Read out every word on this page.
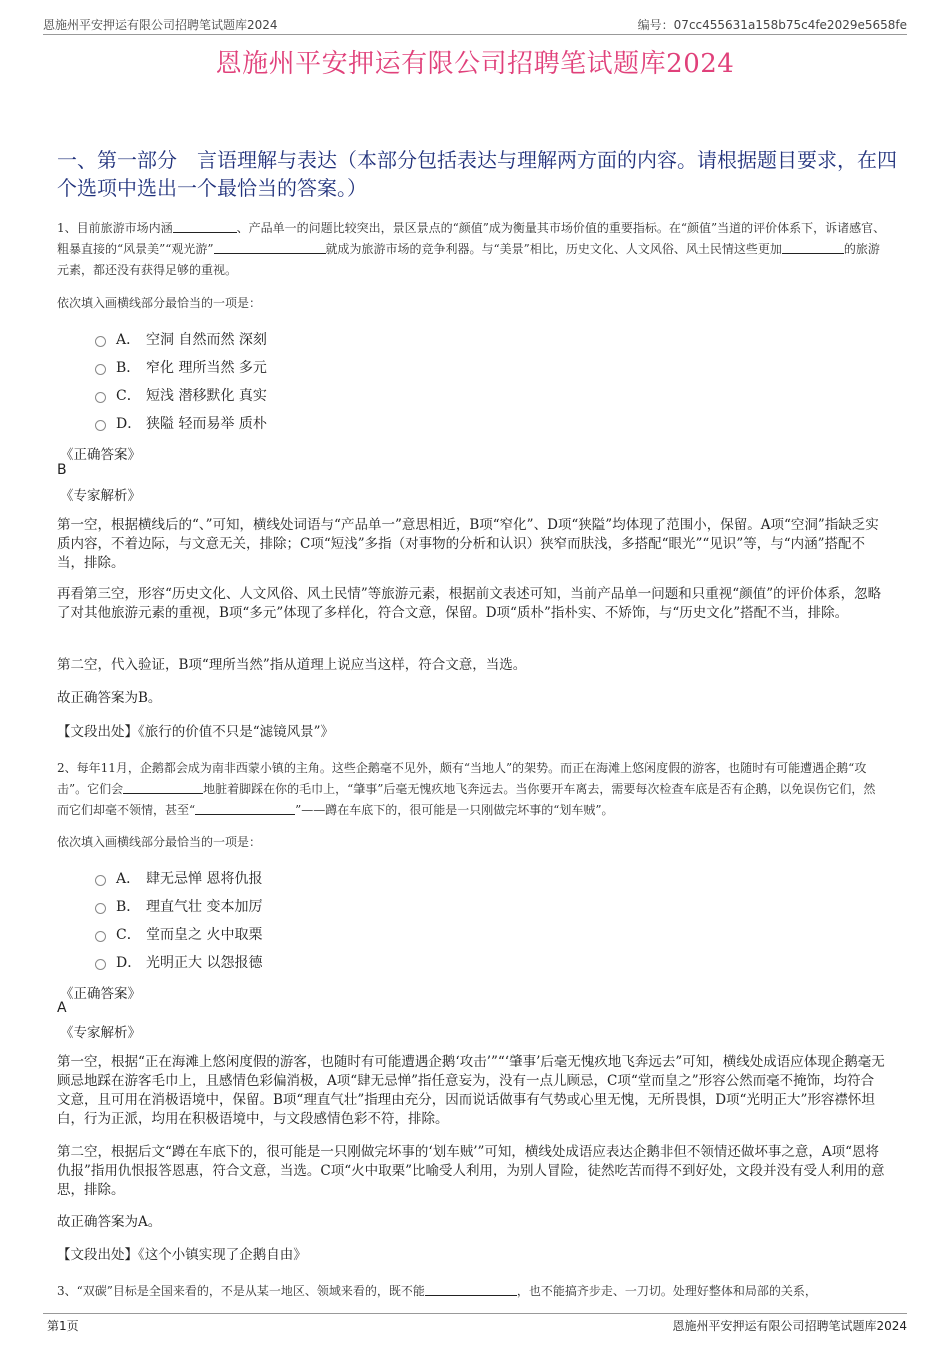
恩施州平安押运有限公司招聘笔试题库2024	编号：07cc455631a158b75c4fe2029e5658fe
恩施州平安押运有限公司招聘笔试题库2024
一、第一部分　言语理解与表达（本部分包括表达与理解两方面的内容。请根据题目要求，在四个选项中选出一个最恰当的答案。）
1、目前旅游市场内涵	、产品单一的问题比较突出，景区景点的“颜值”成为衡量其市场价值的重要指标。在“颜值”当道的评价体系下，诉诸感官、粗暴直接的“风景美”“观光游”	就成为旅游市场的竞争利器。与“美景”相比，历史文化、人文风俗、风土民情这些更加	的旅游元素，都还没有获得足够的重视。
依次填入画横线部分最恰当的一项是：
A． 空洞 自然而然 深刻
B． 窄化 理所当然 多元
C． 短浅 潜移默化 真实
D． 狭隘 轻而易举 质朴
《正确答案》
B
《专家解析》
第一空，根据横线后的“、”可知，横线处词语与“产品单一”意思相近，B项“窄化”、D项“狭隘”均体现了范围小，保留。A项“空洞”指缺乏实质内容，不着边际，与文意无关，排除；C项“短浅”多指（对事物的分析和认识）狭窄而肤浅，多搭配“眼光”“见识”等，与“内涵”搭配不当，排除。
再看第三空，形容“历史文化、人文风俗、风土民情”等旅游元素，根据前文表述可知，当前产品单一问题和只重视“颜值”的评价体系，忽略了对其他旅游元素的重视，B项“多元”体现了多样化，符合文意，保留。D项“质朴”指朴实、不矫饰，与“历史文化”搭配不当，排除。
第二空，代入验证，B项“理所当然”指从道理上说应当这样，符合文意，当选。
故正确答案为B。
【文段出处】《旅行的价值不只是“滤镜风景”》
2、每年11月，企鹅都会成为南非西蒙小镇的主角。这些企鹅毫不见外，颇有“当地人”的架势。而正在海滩上悠闲度假的游客，也随时有可能遭遇企鹅“攻击”。它们会	地脏着脚踩在你的毛巾上，“肇事”后毫无愧疚地飞奔远去。当你要开车离去，需要每次检查车底是否有企鹅，以免误伤它们，然而它们却毫不领情，甚至“	”——蹲在车底下的，很可能是一只刚做完坏事的“划车贼”。
依次填入画横线部分最恰当的一项是：
A． 肆无忌惮 恩将仇报
B． 理直气壮 变本加厉
C． 堂而皇之 火中取栗
D． 光明正大 以怨报德
《正确答案》
A
《专家解析》
第一空，根据“正在海滩上悠闲度假的游客，也随时有可能遭遇企鹅‘攻击’”“‘肇事’后毫无愧疚地飞奔远去”可知，横线处成语应体现企鹅毫无顾忌地踩在游客毛巾上，且感情色彩偏消极，A项“肆无忌惮”指任意妄为，没有一点儿顾忌，C项“堂而皇之”形容公然而毫不掩饰，均符合文意，且可用在消极语境中，保留。B项“理直气壮”指理由充分，因而说话做事有气势或心里无愧，无所畏惧，D项“光明正大”形容襟怀坦白，行为正派，均用在积极语境中，与文段感情色彩不符，排除。
第二空，根据后文“蹲在车底下的，很可能是一只刚做完坏事的‘划车贼’”可知，横线处成语应表达企鹅非但不领情还做坏事之意，A项“恩将仇报”指用仇恨报答恩惠，符合文意，当选。C项“火中取栗”比喻受人利用，为别人冒险，徒然吃苦而得不到好处，文段并没有受人利用的意思，排除。
故正确答案为A。
【文段出处】《这个小镇实现了企鹅自由》
3、“双碳”目标是全国来看的，不是从某一地区、领域来看的，既不能	，也不能搞齐步走、一刀切。处理好整体和局部的关系，
第1页	恩施州平安押运有限公司招聘笔试题库2024
